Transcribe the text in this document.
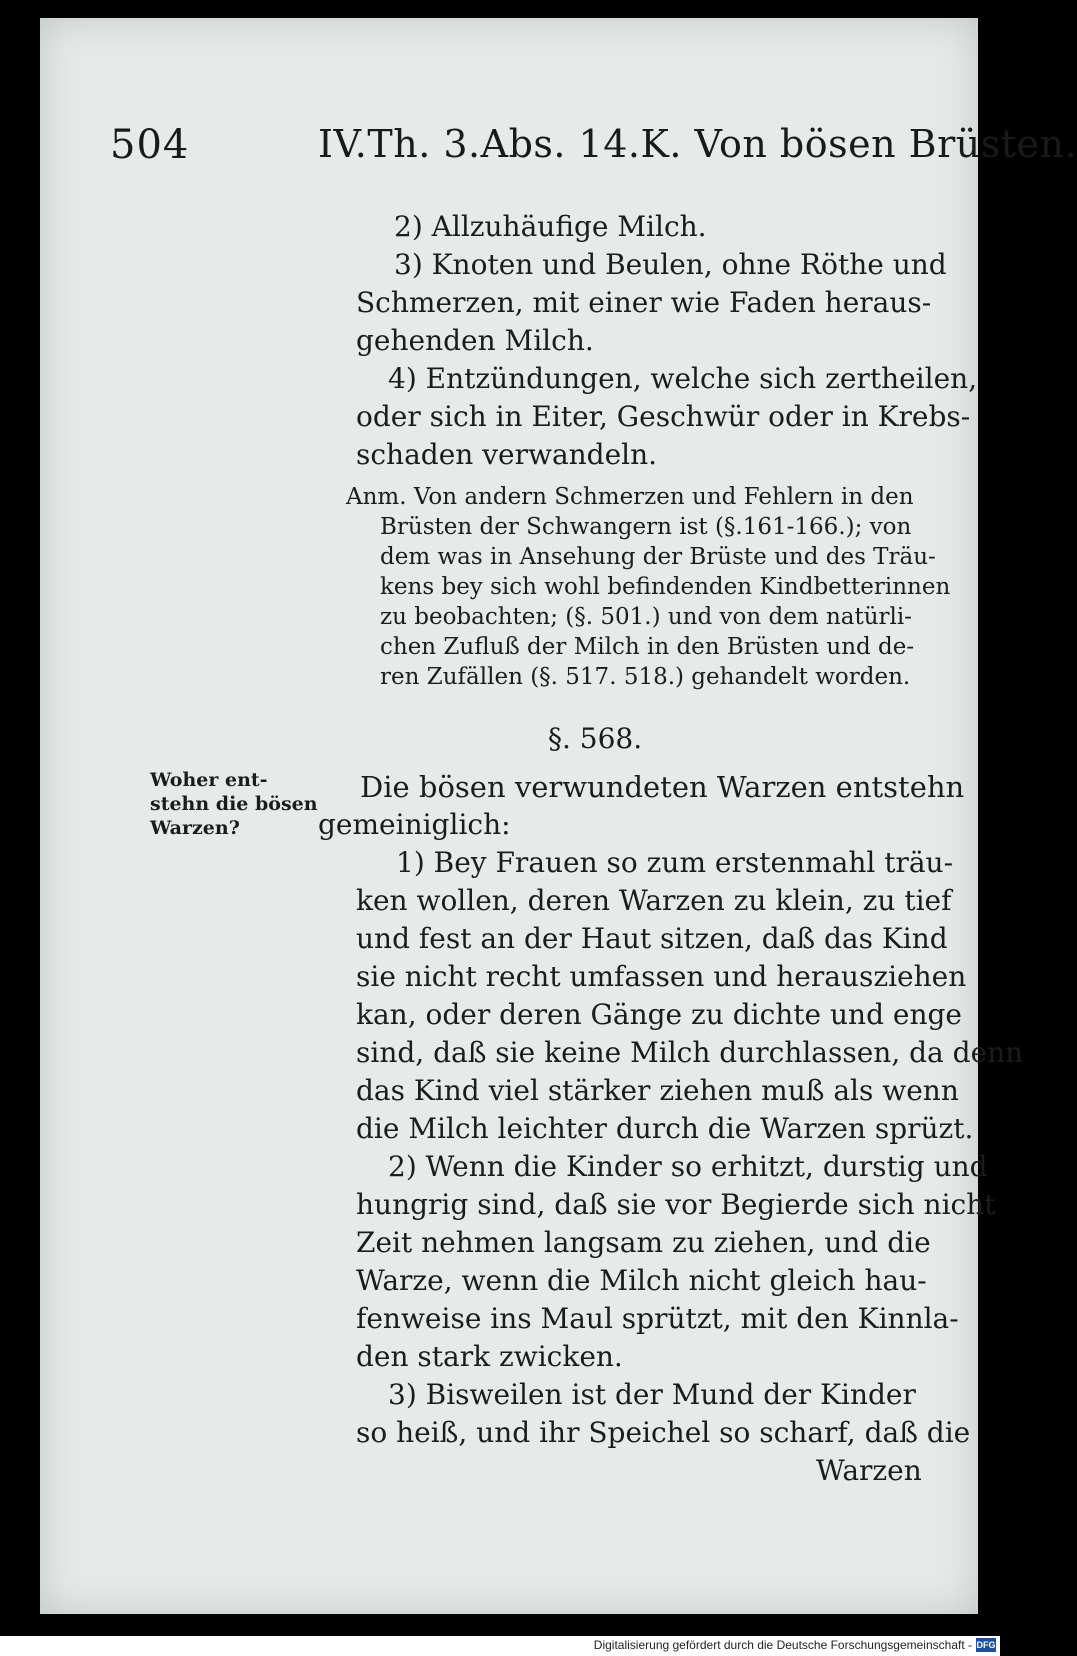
504	IV.Th. 3.Abs. 14.K. Von bösen Brüsten.
2) Allzuhäufige Milch.
3) Knoten und Beulen, ohne Röthe und
Schmerzen, mit einer wie Faden heraus-
gehenden Milch.
4) Entzündungen, welche sich zertheilen,
oder sich in Eiter, Geschwür oder in Krebs-
schaden verwandeln.
Anm. Von andern Schmerzen und Fehlern in den
Brüsten der Schwangern ist (§.161-166.); von
dem was in Ansehung der Brüste und des Träu-
kens bey sich wohl befindenden Kindbetterinnen
zu beobachten; (§. 501.) und von dem natürli-
chen Zufluß der Milch in den Brüsten und de-
ren Zufällen (§. 517. 518.) gehandelt worden.
§. 568.
Woher ent-
stehn die bösen
Warzen?
Die bösen verwundeten Warzen entstehn
gemeiniglich:
1) Bey Frauen so zum erstenmahl träu-
ken wollen, deren Warzen zu klein, zu tief
und fest an der Haut sitzen, daß das Kind
sie nicht recht umfassen und herausziehen
kan, oder deren Gänge zu dichte und enge
sind, daß sie keine Milch durchlassen, da denn
das Kind viel stärker ziehen muß als wenn
die Milch leichter durch die Warzen sprüzt.
2) Wenn die Kinder so erhitzt, durstig und
hungrig sind, daß sie vor Begierde sich nicht
Zeit nehmen langsam zu ziehen, und die
Warze, wenn die Milch nicht gleich hau-
fenweise ins Maul sprützt, mit den Kinnla-
den stark zwicken.
3) Bisweilen ist der Mund der Kinder
so heiß, und ihr Speichel so scharf, daß die
Warzen
Digitalisierung gefördert durch die Deutsche Forschungsgemeinschaft - DFG
